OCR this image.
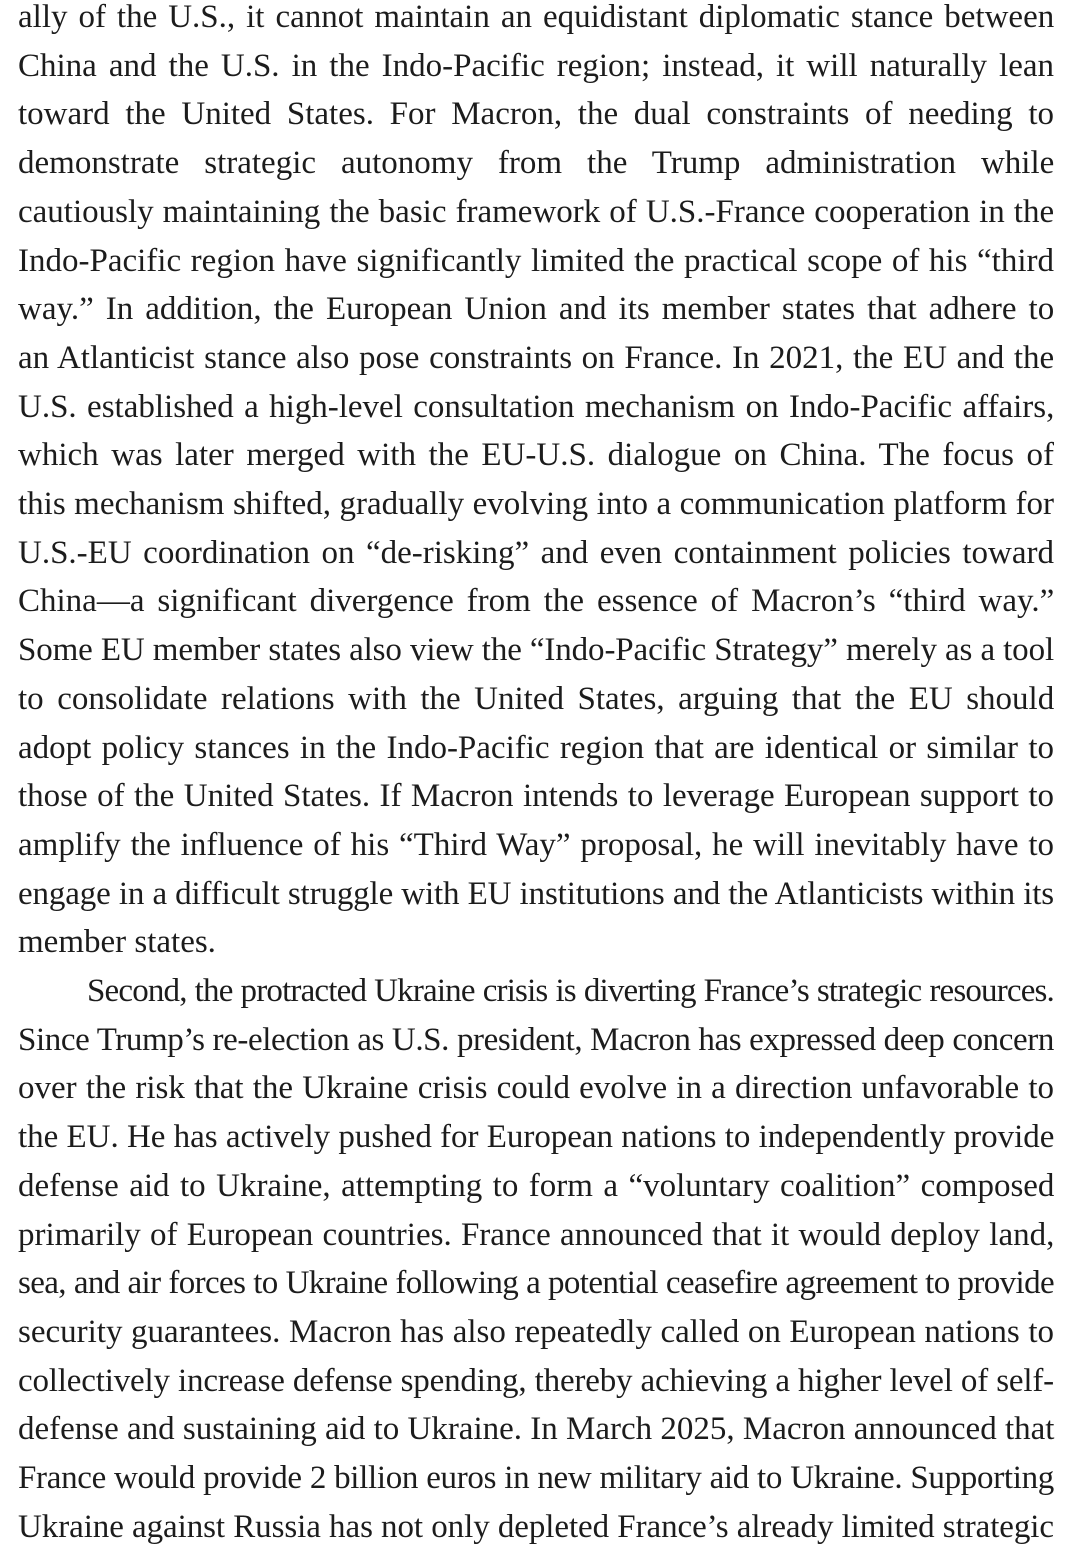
ally of the U.S., it cannot maintain an equidistant diplomatic stance between
China and the U.S. in the Indo-Pacific region; instead, it will naturally lean
toward the United States. For Macron, the dual constraints of needing to
demonstrate strategic autonomy from the Trump administration while
cautiously maintaining the basic framework of U.S.-France cooperation in the
Indo-Pacific region have significantly limited the practical scope of his “third
way.” In addition, the European Union and its member states that adhere to
an Atlanticist stance also pose constraints on France. In 2021, the EU and the
U.S. established a high-level consultation mechanism on Indo-Pacific affairs,
which was later merged with the EU-U.S. dialogue on China. The focus of
this mechanism shifted, gradually evolving into a communication platform for
U.S.-EU coordination on “de-risking” and even containment policies toward
China—a significant divergence from the essence of Macron’s “third way.”
Some EU member states also view the “Indo-Pacific Strategy” merely as a tool
to consolidate relations with the United States, arguing that the EU should
adopt policy stances in the Indo-Pacific region that are identical or similar to
those of the United States. If Macron intends to leverage European support to
amplify the influence of his “Third Way” proposal, he will inevitably have to
engage in a difficult struggle with EU institutions and the Atlanticists within its
member states.
Second, the protracted Ukraine crisis is diverting France’s strategic resources.
Since Trump’s re-election as U.S. president, Macron has expressed deep concern
over the risk that the Ukraine crisis could evolve in a direction unfavorable to
the EU. He has actively pushed for European nations to independently provide
defense aid to Ukraine, attempting to form a “voluntary coalition” composed
primarily of European countries. France announced that it would deploy land,
sea, and air forces to Ukraine following a potential ceasefire agreement to provide
security guarantees. Macron has also repeatedly called on European nations to
collectively increase defense spending, thereby achieving a higher level of self-
defense and sustaining aid to Ukraine. In March 2025, Macron announced that
France would provide 2 billion euros in new military aid to Ukraine. Supporting
Ukraine against Russia has not only depleted France’s already limited strategic
